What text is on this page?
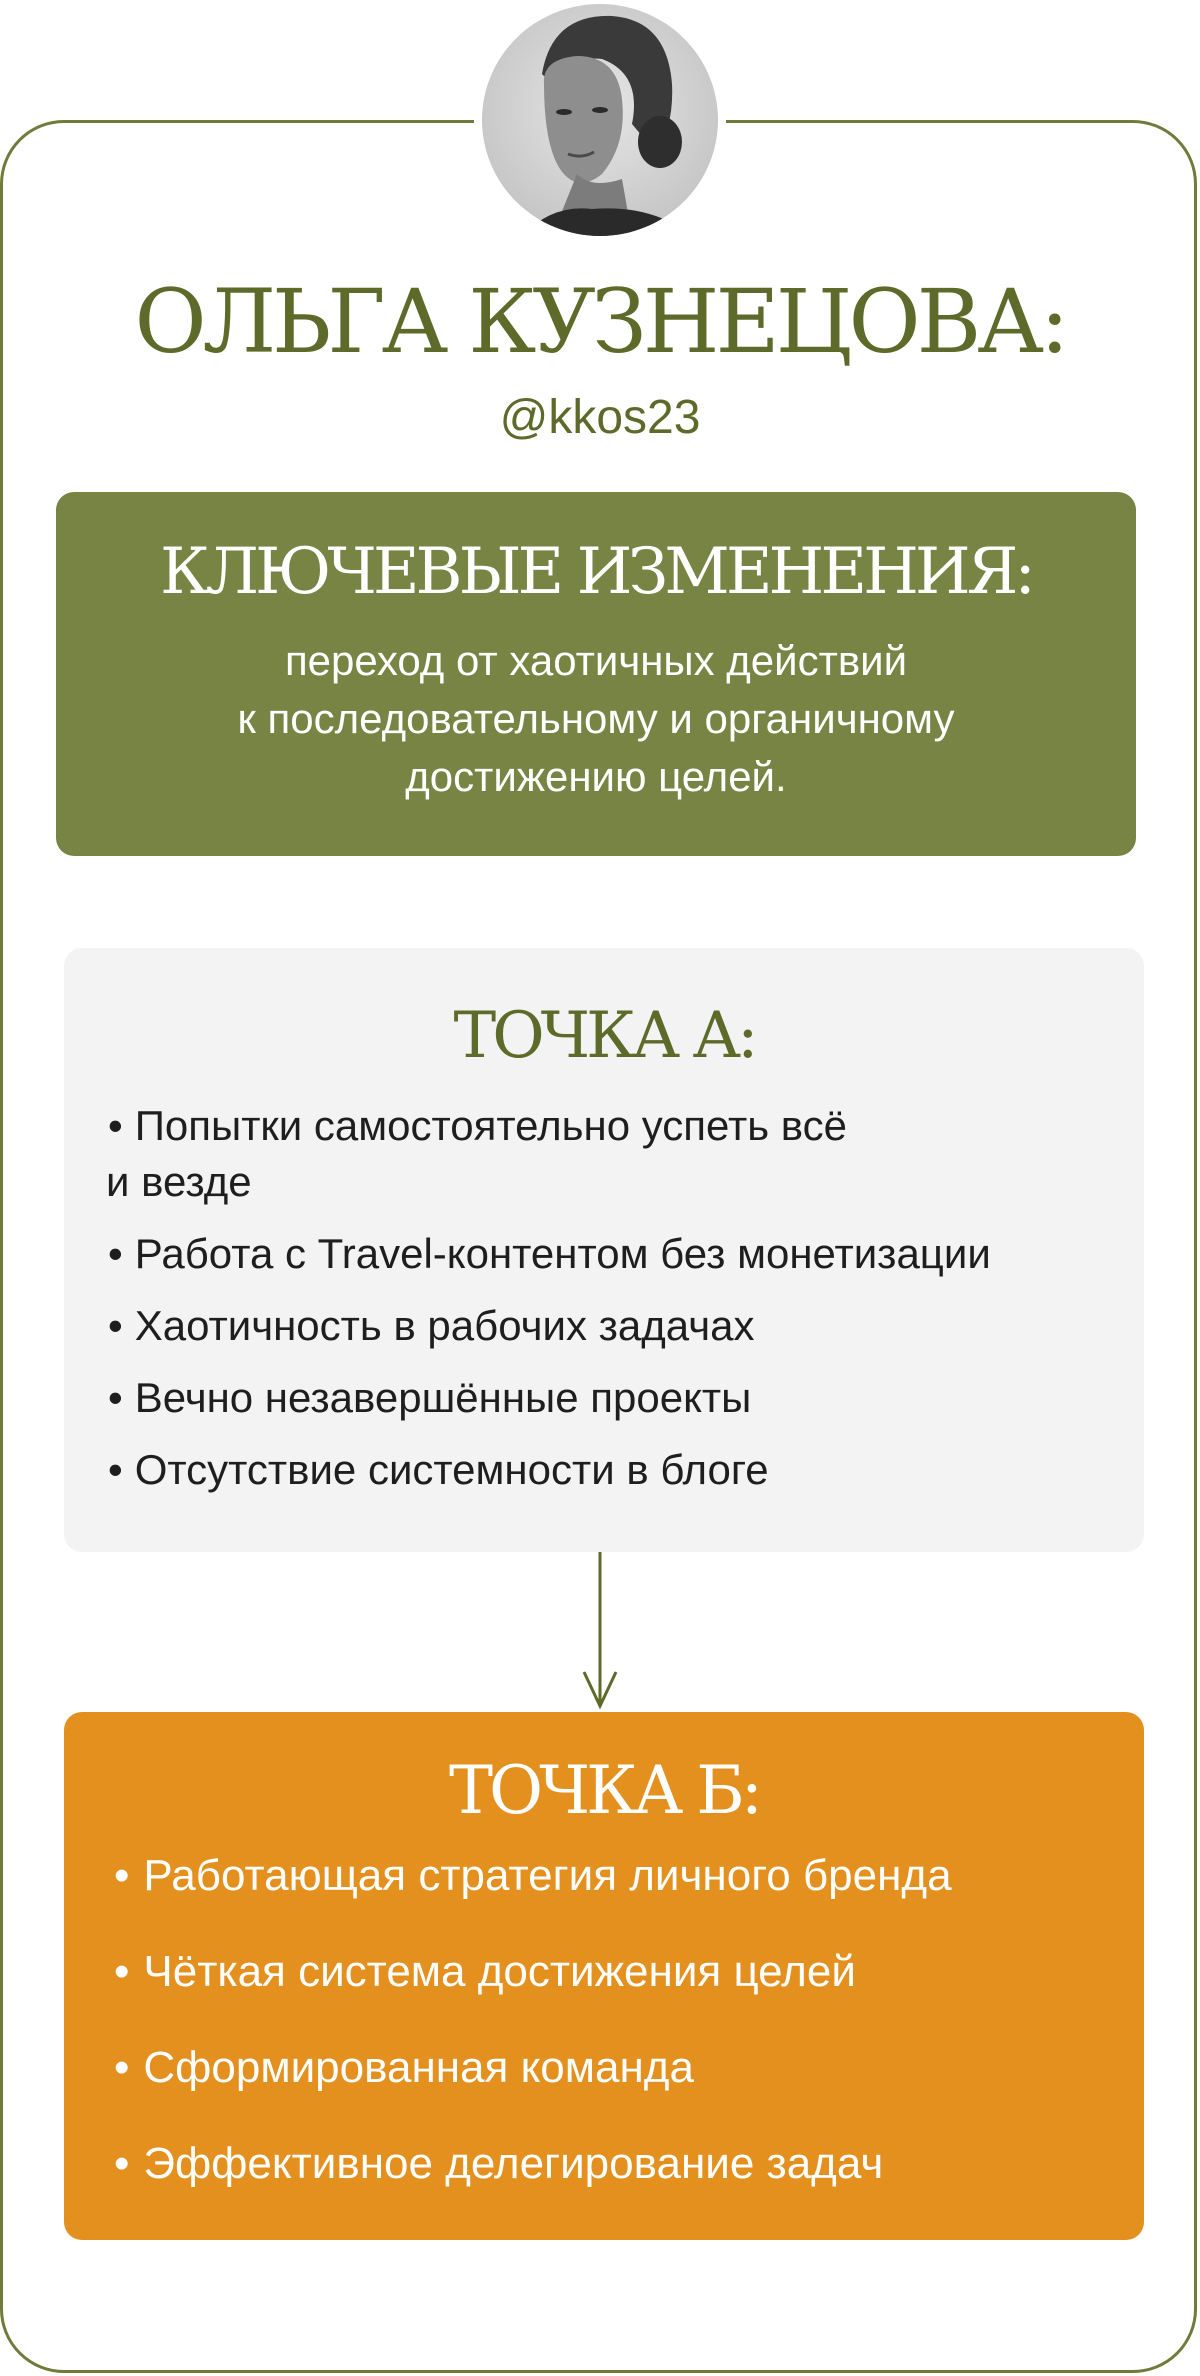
ОЛЬГА КУЗНЕЦОВА:
@kkos23
КЛЮЧЕВЫЕ ИЗМЕНЕНИЯ:
переход от хаотичных действий
к последовательному и органичному
достижению целей.
ТОЧКА А:
• Попытки самостоятельно успеть всё
и везде
• Работа с Travel-контентом без монетизации
• Хаотичность в рабочих задачах
• Вечно незавершённые проекты
• Отсутствие системности в блоге
ТОЧКА Б:
• Работающая стратегия личного бренда
• Чёткая система достижения целей
• Сформированная команда
• Эффективное делегирование задач
